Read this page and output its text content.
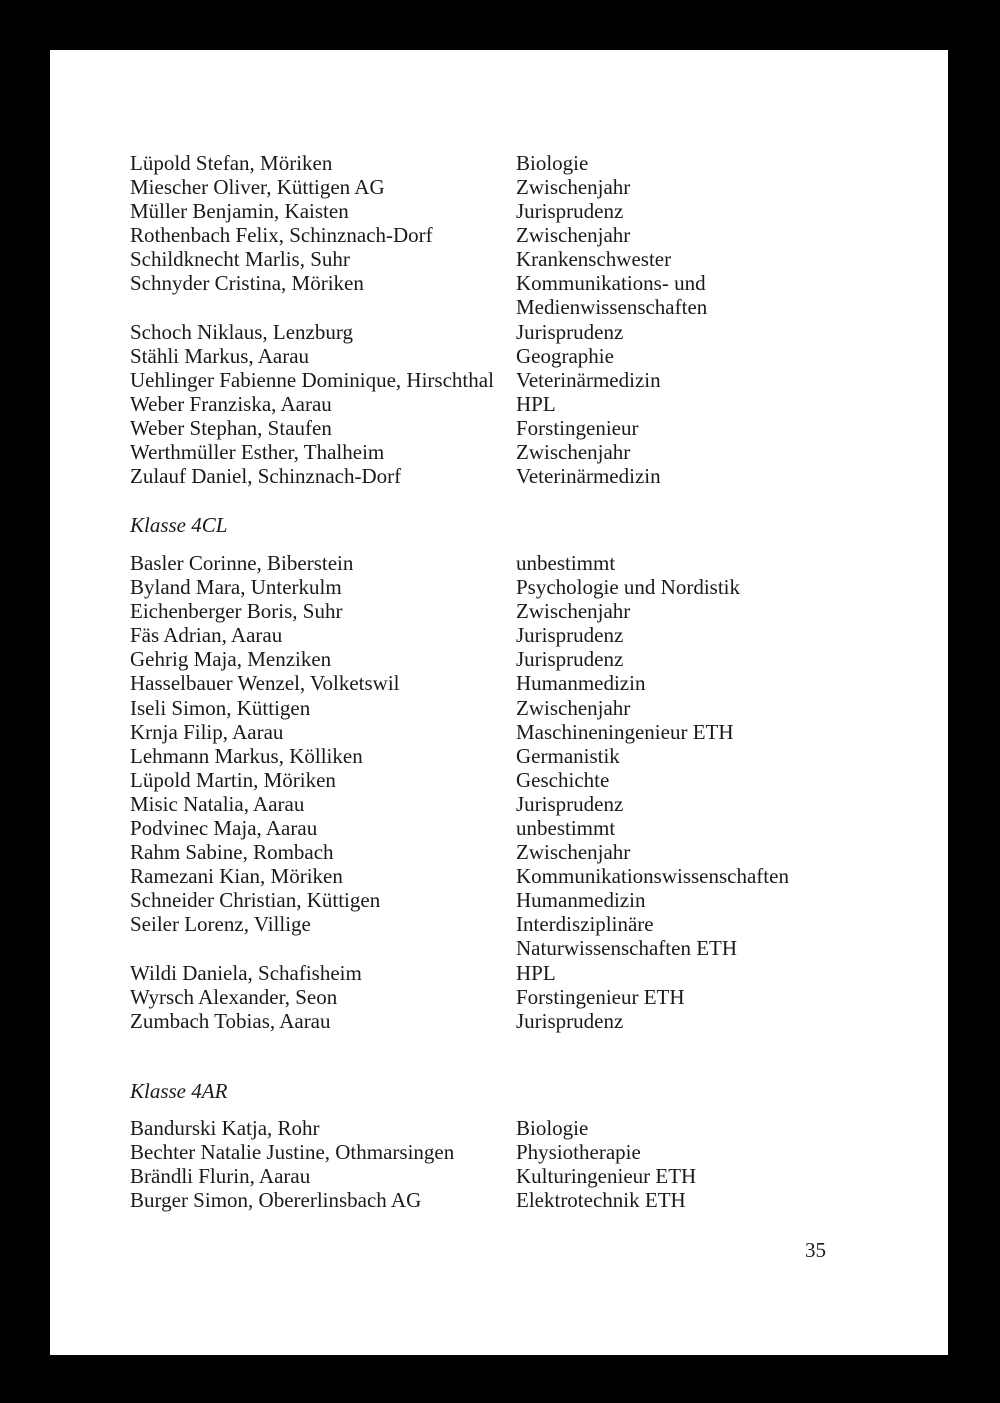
Lüpold Stefan, Möriken	Biologie
Miescher Oliver, Küttigen AG	Zwischenjahr
Müller Benjamin, Kaisten	Jurisprudenz
Rothenbach Felix, Schinznach-Dorf	Zwischenjahr
Schildknecht Marlis, Suhr	Krankenschwester
Schnyder Cristina, Möriken	Kommunikations- und Medienwissenschaften
Schoch Niklaus, Lenzburg	Jurisprudenz
Stähli Markus, Aarau	Geographie
Uehlinger Fabienne Dominique, Hirschthal Veterinärmedizin
Weber Franziska, Aarau	HPL
Weber Stephan, Staufen	Forstingenieur
Werthmüller Esther, Thalheim	Zwischenjahr
Zulauf Daniel, Schinznach-Dorf	Veterinärmedizin
Klasse 4CL
Basler Corinne, Biberstein	unbestimmt
Byland Mara, Unterkulm	Psychologie und Nordistik
Eichenberger Boris, Suhr	Zwischenjahr
Fäs Adrian, Aarau	Jurisprudenz
Gehrig Maja, Menziken	Jurisprudenz
Hasselbauer Wenzel, Volketswil	Humanmedizin
Iseli Simon, Küttigen	Zwischenjahr
Krnja Filip, Aarau	Maschineningenieur ETH
Lehmann Markus, Kölliken	Germanistik
Lüpold Martin, Möriken	Geschichte
Misic Natalia, Aarau	Jurisprudenz
Podvinec Maja, Aarau	unbestimmt
Rahm Sabine, Rombach	Zwischenjahr
Ramezani Kian, Möriken	Kommunikationswissenschaften
Schneider Christian, Küttigen	Humanmedizin
Seiler Lorenz, Villige	Interdisziplinäre Naturwissenschaften ETH
Wildi Daniela, Schafisheim	HPL
Wyrsch Alexander, Seon	Forstingenieur ETH
Zumbach Tobias, Aarau	Jurisprudenz
Klasse 4AR
Bandurski Katja, Rohr	Biologie
Bechter Natalie Justine, Othmarsingen	Physiotherapie
Brändli Flurin, Aarau	Kulturingenieur ETH
Burger Simon, Obererlinsbach AG	Elektrotechnik ETH
35
